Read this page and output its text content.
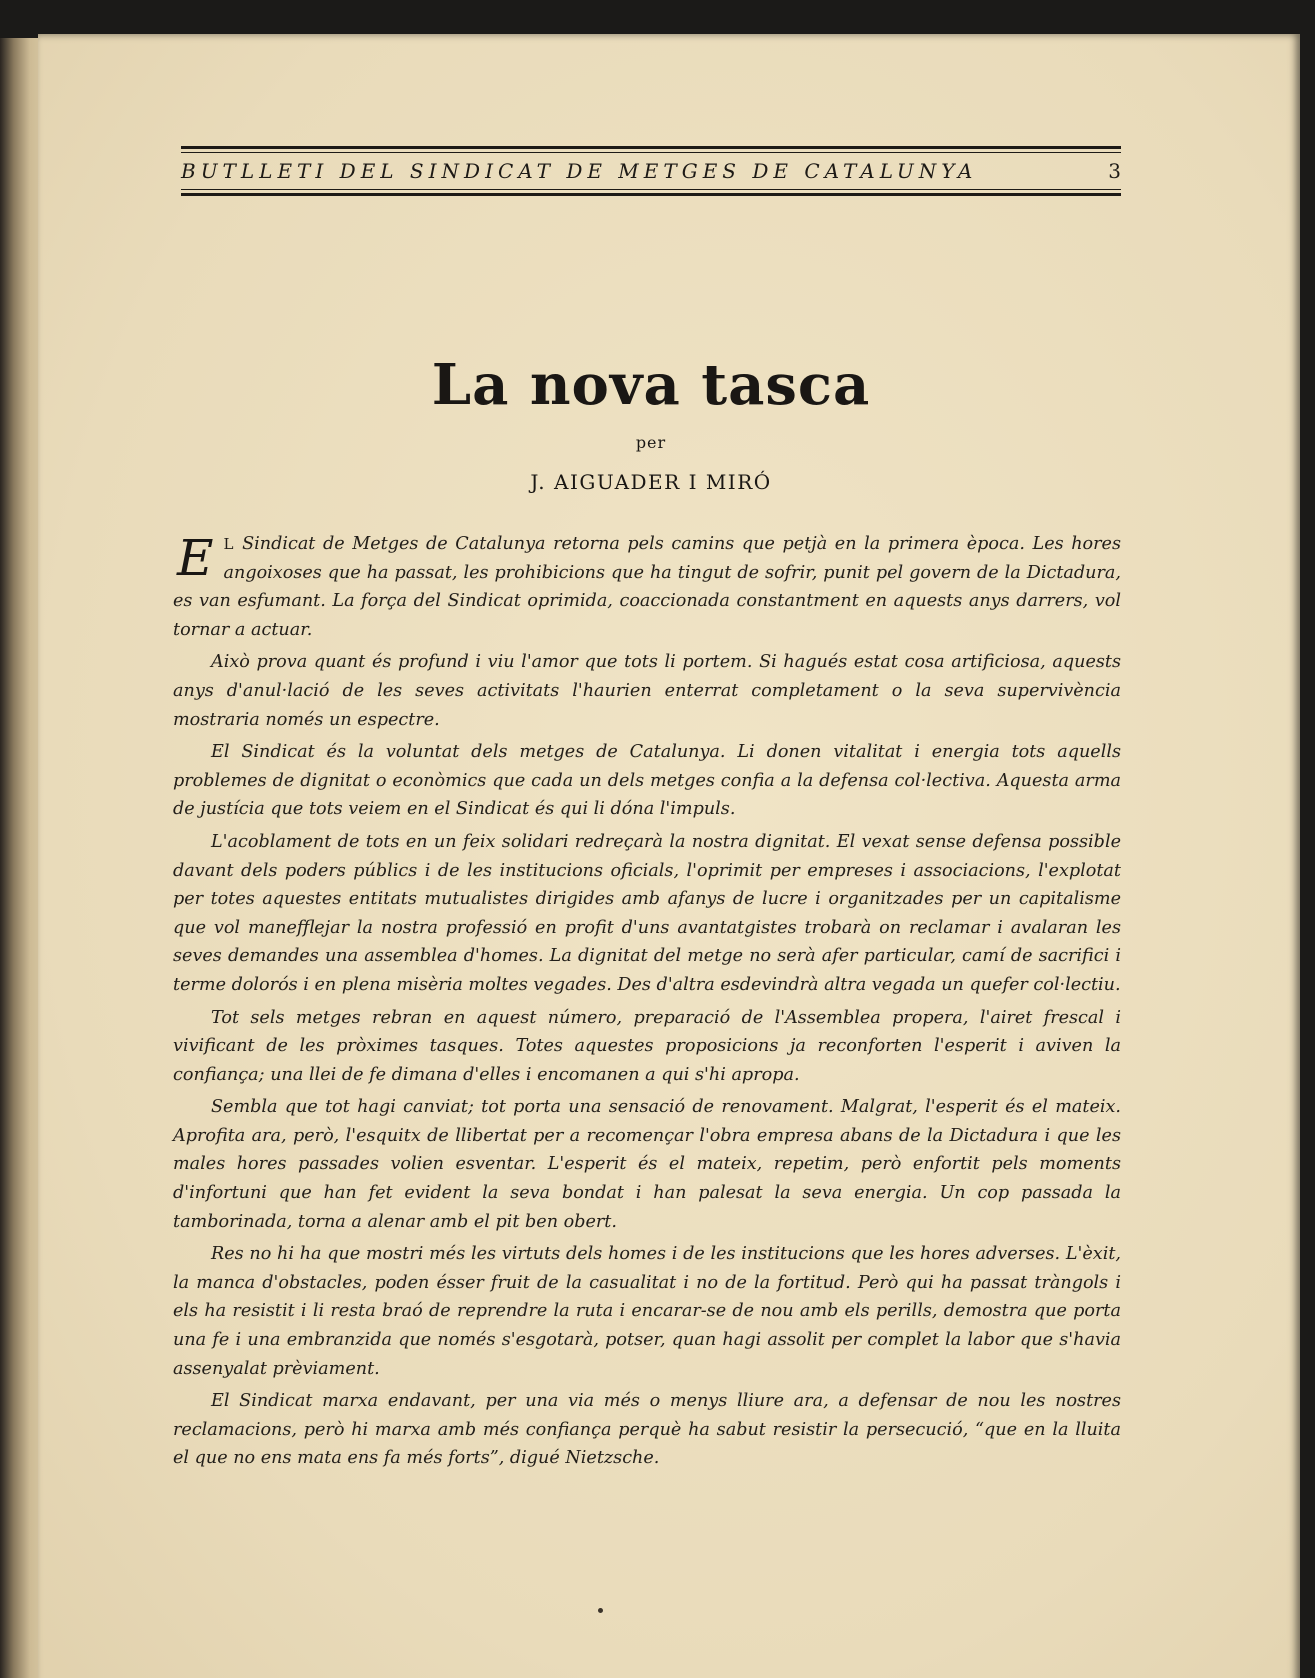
BUTLLETI DEL SINDICAT DE METGES DE CATALUNYA	3
La nova tasca
per
J. AIGUADER I MIRÓ

E L Sindicat de Metges de Catalunya retorna pels camins que petjà en la primera època. Les hores angoixoses que ha passat, les prohibicions que ha tingut de sofrir, punit pel govern de la Dictadura, es van esfumant. La força del Sindicat oprimida, coaccionada constantment en aquests anys darrers, vol tornar a actuar.

Això prova quant és profund i viu l'amor que tots li portem. Si hagués estat cosa artificiosa, aquests anys d'anul·lació de les seves activitats l'haurien enterrat completament o la seva supervivència mostraria només un espectre.

El Sindicat és la voluntat dels metges de Catalunya. Li donen vitalitat i energia tots aquells problemes de dignitat o econòmics que cada un dels metges confia a la defensa col·lectiva. Aquesta arma de justícia que tots veiem en el Sindicat és qui li dóna l'impuls.

L'acoblament de tots en un feix solidari redreçarà la nostra dignitat. El vexat sense defensa possible davant dels poders públics i de les institucions oficials, l'oprimit per empreses i associacions, l'explotat per totes aquestes entitats mutualistes dirigides amb afanys de lucre i organitzades per un capitalisme que vol manefflejar la nostra professió en profit d'uns avantatgistes trobarà on reclamar i avalaran les seves demandes una assemblea d'homes. La dignitat del metge no serà afer particular, camí de sacrifici i terme dolorós i en plena misèria moltes vegades. Des d'altra esdevindrà altra vegada un quefer col·lectiu.

Tot sels metges rebran en aquest número, preparació de l'Assemblea propera, l'airet frescal i vivificant de les pròximes tasques. Totes aquestes proposicions ja reconforten l'esperit i aviven la confiança; una llei de fe dimana d'elles i encomanen a qui s'hi apropa.

Sembla que tot hagi canviat; tot porta una sensació de renovament. Malgrat, l'esperit és el mateix. Aprofita ara, però, l'esquitx de llibertat per a recomençar l'obra empresa abans de la Dictadura i que les males hores passades volien esventar. L'esperit és el mateix, repetim, però enfortit pels moments d'infortuni que han fet evident la seva bondat i han palesat la seva energia. Un cop passada la tamborinada, torna a alenar amb el pit ben obert.

Res no hi ha que mostri més les virtuts dels homes i de les institucions que les hores adverses. L'èxit, la manca d'obstacles, poden ésser fruit de la casualitat i no de la fortitud. Però qui ha passat tràngols i els ha resistit i li resta braó de reprendre la ruta i encarar-se de nou amb els perills, demostra que porta una fe i una embranzida que només s'esgotarà, potser, quan hagi assolit per complet la labor que s'havia assenyalat prèviament.

El Sindicat marxa endavant, per una via més o menys lliure ara, a defensar de nou les nostres reclamacions, però hi marxa amb més confiança perquè ha sabut resistir la persecució, “que en la lluita el que no ens mata ens fa més forts”, digué Nietzsche.
